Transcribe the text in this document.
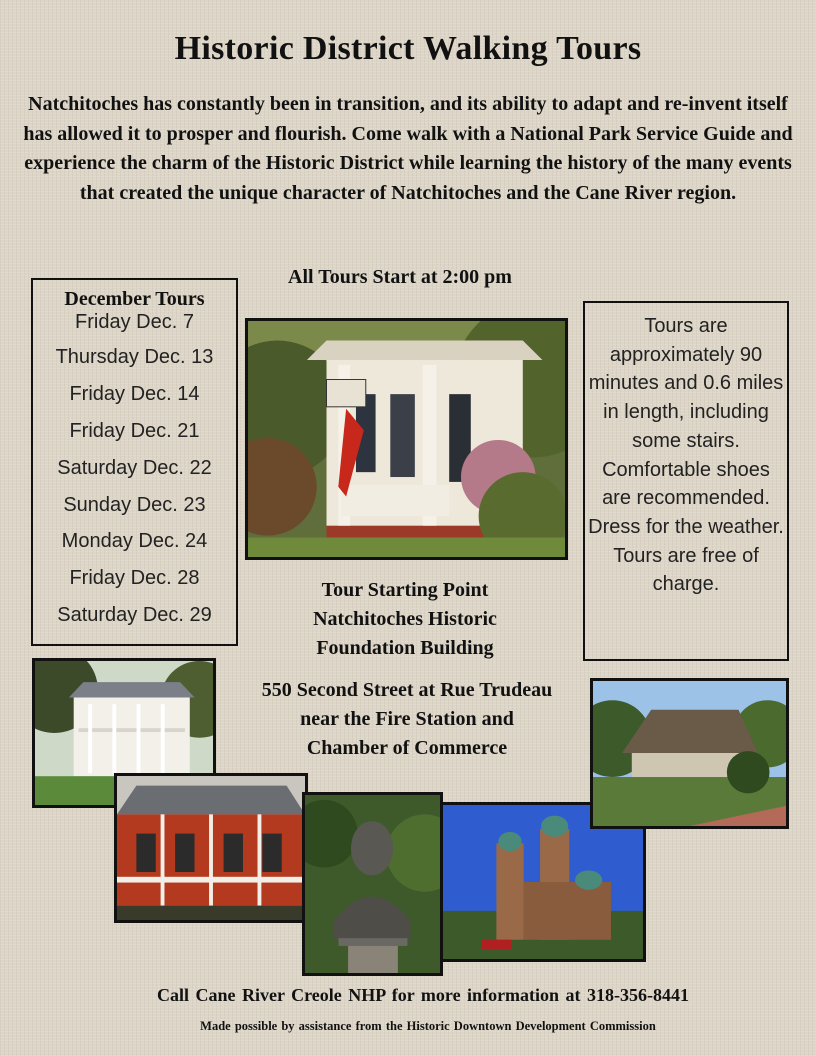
Historic District Walking Tours
Natchitoches has constantly been in transition, and its ability to adapt and re-invent itself has allowed it to prosper and flourish. Come walk with a National Park Service Guide and experience the charm of the Historic District while learning the history of the many events that created the unique character of Natchitoches and the Cane River region.
All Tours Start at 2:00 pm
December Tours
Friday Dec. 7
Thursday Dec. 13
Friday Dec. 14
Friday Dec. 21
Saturday Dec. 22
Sunday Dec. 23
Monday Dec. 24
Friday Dec. 28
Saturday Dec. 29
Tours are approximately 90 minutes and 0.6 miles in length, including some stairs. Comfortable shoes are recommended. Dress for the weather.
Tours are free of charge.
Tour Starting Point
Natchitoches Historic
Foundation Building
550 Second Street at Rue Trudeau
near the Fire Station and
Chamber of Commerce
Call Cane River Creole NHP for more information at 318-356-8441
Made possible by assistance from the Historic Downtown Development Commission
